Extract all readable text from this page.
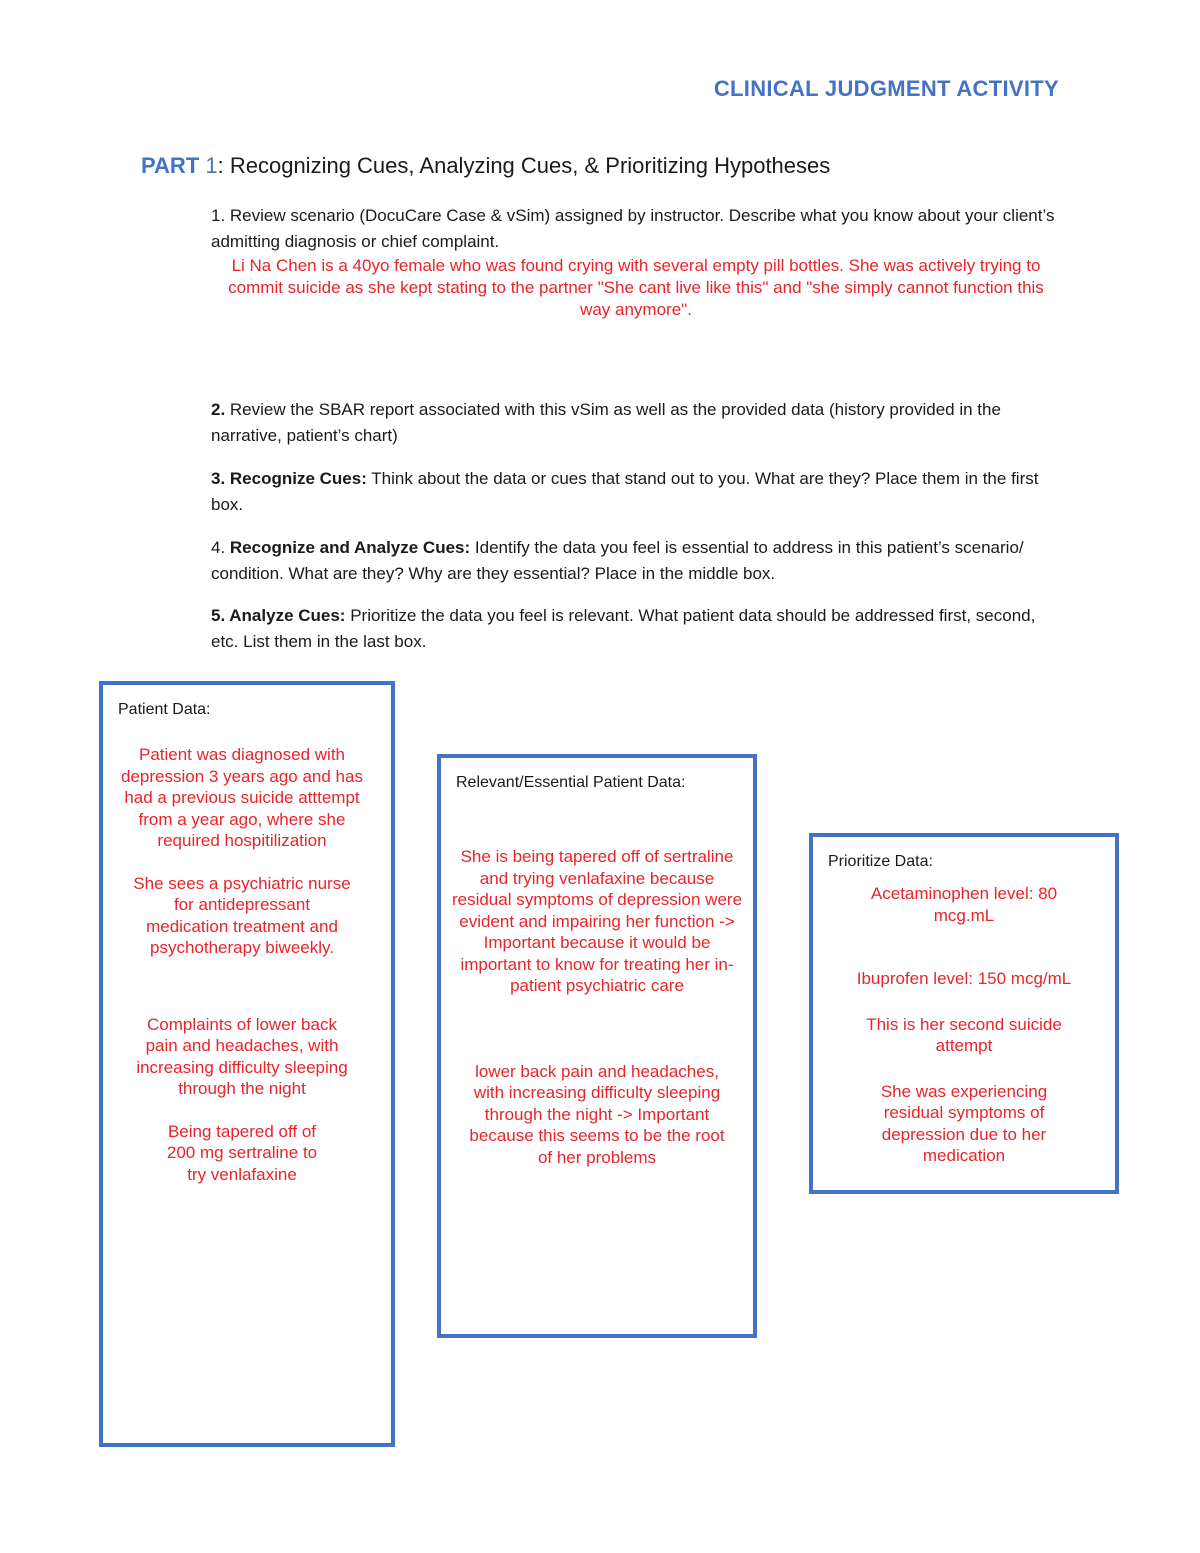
CLINICAL JUDGMENT ACTIVITY
PART 1: Recognizing Cues, Analyzing Cues, & Prioritizing Hypotheses
1. Review scenario (DocuCare Case & vSim) assigned by instructor. Describe what you know about your client’s admitting diagnosis or chief complaint.
Li Na Chen is a 40yo female who was found crying with several empty pill bottles. She was actively trying to commit suicide as she kept stating to the partner "She cant live like this" and "she simply cannot function this way anymore".
2. Review the SBAR report associated with this vSim as well as the provided data (history provided in the narrative, patient’s chart)
3. Recognize Cues: Think about the data or cues that stand out to you. What are they? Place them in the first box.
4. Recognize and Analyze Cues: Identify the data you feel is essential to address in this patient’s scenario/ condition. What are they? Why are they essential? Place in the middle box.
5. Analyze Cues: Prioritize the data you feel is relevant. What patient data should be addressed first, second, etc. List them in the last box.
Patient Data:

Patient was diagnosed with depression 3 years ago and has had a previous suicide atttempt from a year ago, where she required hospitilization

She sees a psychiatric nurse for antidepressant medication treatment and psychotherapy biweekly.

Complaints of lower back pain and headaches, with increasing difficulty sleeping through the night

Being tapered off of 200 mg sertraline to try venlafaxine

Relevant/Essential Patient Data:

She is being tapered off of sertraline and trying venlafaxine because residual symptoms of depression were evident and impairing her function -> Important because it would be important to know for treating her in-patient psychiatric care

lower back pain and headaches, with increasing difficulty sleeping through the night -> Important because this seems to be the root of her problems

Prioritize Data:

Acetaminophen level: 80 mcg.mL

Ibuprofen level: 150 mcg/mL

This is her second suicide attempt

She was experiencing residual symptoms of depression due to her medication
